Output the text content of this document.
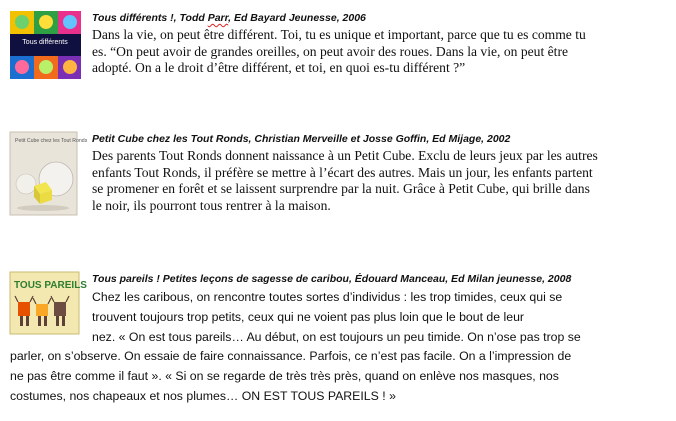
Tous différents

Tous différents !, Todd Parr, Ed Bayard Jeunesse, 2006

Dans la vie, on peut être différent. Toi, tu es unique et important, parce que tu es comme tu
es. “On peut avoir de grandes oreilles, on peut avoir des roues. Dans la vie, on peut être
adopté. On a le droit d’être différent, et toi, en quoi es-tu différent ?”

Petit Cube chez les Tout Ronds Petit Cube chez les Tout Ronds, Christian Merveille et Josse Goffin, Ed Mijage, 2002

Des parents Tout Ronds donnent naissance à un Petit Cube. Exclu de leurs jeux par les autres
enfants Tout Ronds, il préfère se mettre à l’écart des autres. Mais un jour, les enfants partent
se promener en forêt et se laissent surprendre par la nuit. Grâce à Petit Cube, qui brille dans
le noir, ils pourront tous rentrer à la maison.

TOUS PAREILS

Tous pareils ! Petites leçons de sagesse de caribou, Édouard Manceau, Ed Milan jeunesse, 2008

Chez les caribous, on rencontre toutes sortes d’individus : les trop timides, ceux qui se
trouvent toujours trop petits, ceux qui ne voient pas plus loin que le bout de leur
nez. « On est tous pareils… Au début, on est toujours un peu timide. On n’ose pas trop se
parler, on s’observe. On essaie de faire connaissance. Parfois, ce n’est pas facile. On a l’impression de
ne pas être comme il faut ». « Si on se regarde de très très près, quand on enlève nos masques, nos
costumes, nos chapeaux et nos plumes… ON EST TOUS PAREILS ! »
